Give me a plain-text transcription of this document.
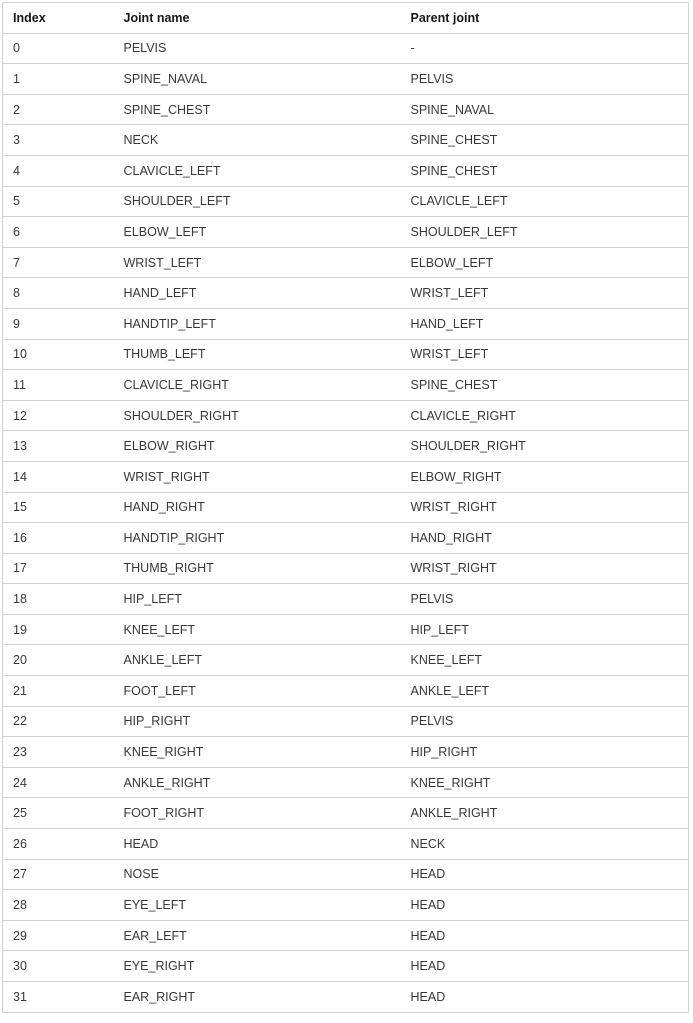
Index	Joint name	Parent joint
0	PELVIS	-
1	SPINE_NAVAL	PELVIS
2	SPINE_CHEST	SPINE_NAVAL
3	NECK	SPINE_CHEST
4	CLAVICLE_LEFT	SPINE_CHEST
5	SHOULDER_LEFT	CLAVICLE_LEFT
6	ELBOW_LEFT	SHOULDER_LEFT
7	WRIST_LEFT	ELBOW_LEFT
8	HAND_LEFT	WRIST_LEFT
9	HANDTIP_LEFT	HAND_LEFT
10	THUMB_LEFT	WRIST_LEFT
11	CLAVICLE_RIGHT	SPINE_CHEST
12	SHOULDER_RIGHT	CLAVICLE_RIGHT
13	ELBOW_RIGHT	SHOULDER_RIGHT
14	WRIST_RIGHT	ELBOW_RIGHT
15	HAND_RIGHT	WRIST_RIGHT
16	HANDTIP_RIGHT	HAND_RIGHT
17	THUMB_RIGHT	WRIST_RIGHT
18	HIP_LEFT	PELVIS
19	KNEE_LEFT	HIP_LEFT
20	ANKLE_LEFT	KNEE_LEFT
21	FOOT_LEFT	ANKLE_LEFT
22	HIP_RIGHT	PELVIS
23	KNEE_RIGHT	HIP_RIGHT
24	ANKLE_RIGHT	KNEE_RIGHT
25	FOOT_RIGHT	ANKLE_RIGHT
26	HEAD	NECK
27	NOSE	HEAD
28	EYE_LEFT	HEAD
29	EAR_LEFT	HEAD
30	EYE_RIGHT	HEAD
31	EAR_RIGHT	HEAD
